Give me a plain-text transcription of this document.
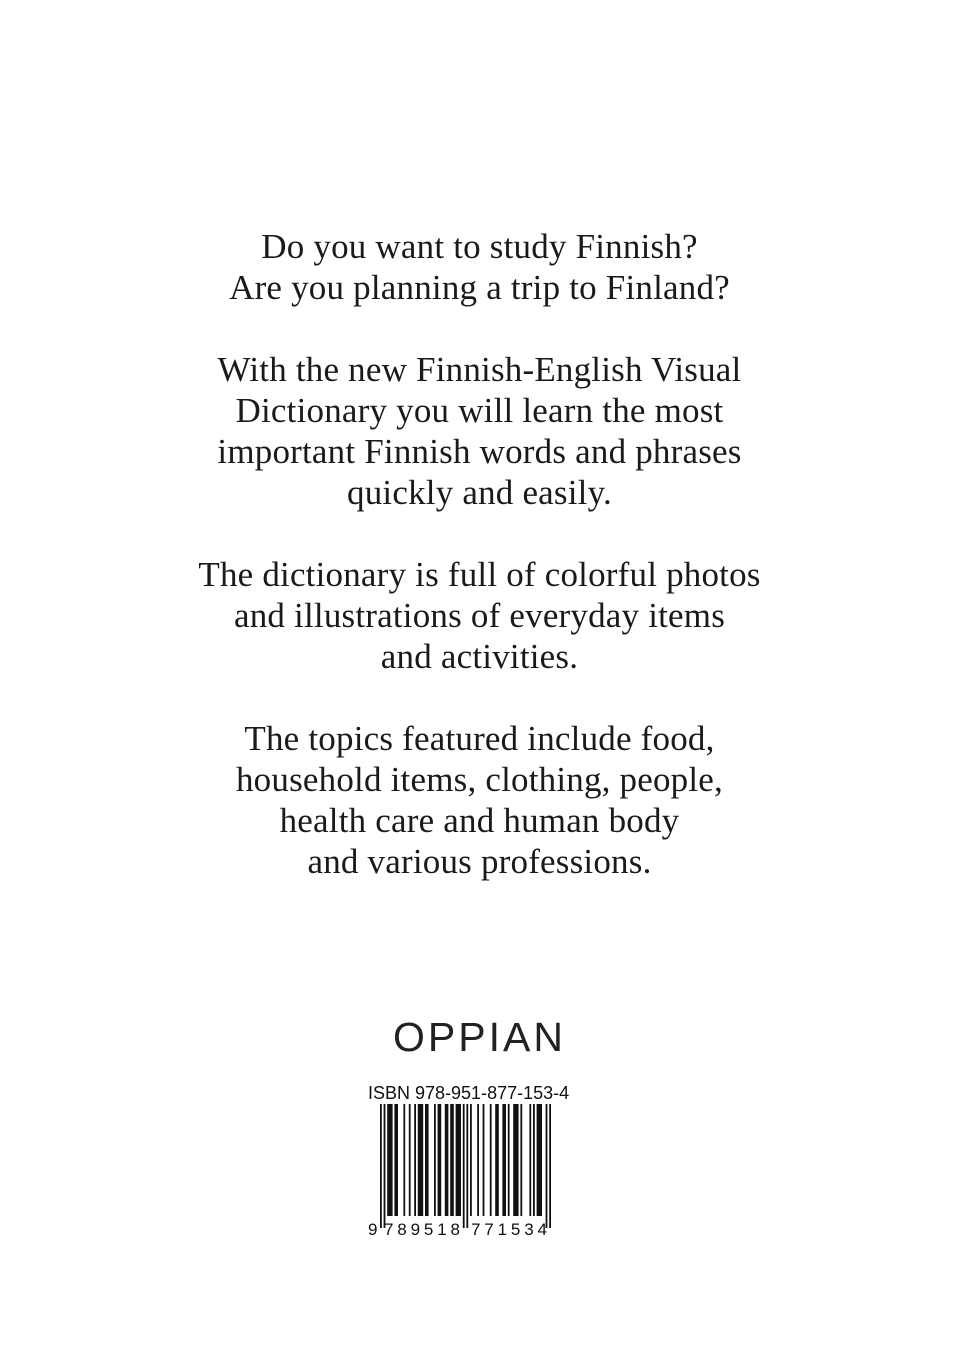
Do you want to study Finnish?
Are you planning a trip to Finland?

With the new Finnish-English Visual
Dictionary you will learn the most
important Finnish words and phrases
quickly and easily.

The dictionary is full of colorful photos
and illustrations of everyday items
and activities.

The topics featured include food,
household items, clothing, people,
health care and human body
and various professions.

OPPIAN
ISBN 978-951-877-153-4
9 789518 771534
